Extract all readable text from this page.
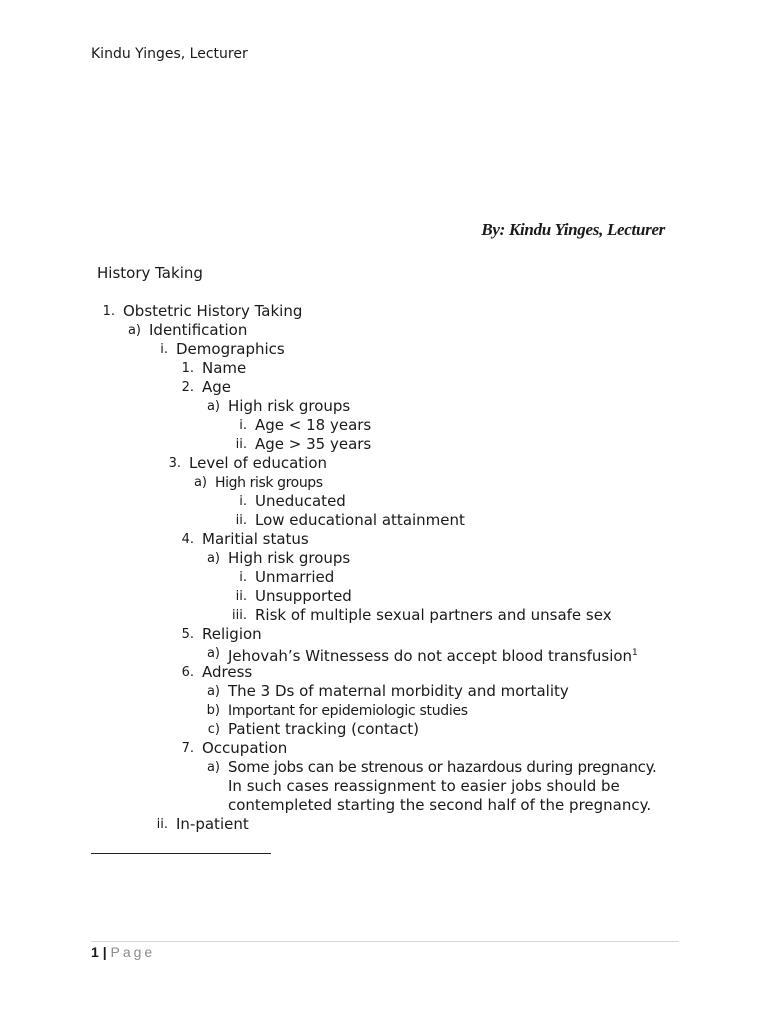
Kindu Yinges, Lecturer
By: Kindu Yinges, Lecturer
History Taking
1. Obstetric History Taking
a) Identification
i. Demographics
1. Name
2. Age
a) High risk groups
i. Age < 18 years
ii. Age > 35 years
3. Level of education
a) High risk groups
i. Uneducated
ii. Low educational attainment
4. Maritial status
a) High risk groups
i. Unmarried
ii. Unsupported
iii. Risk of multiple sexual partners and unsafe sex
5. Religion
a) Jehovah’s Witnessess do not accept blood transfusion$^1$
6. Adress
a) The 3 Ds of maternal morbidity and mortality
b) Important for epidemiologic studies
c) Patient tracking (contact)
7. Occupation
a) Some jobs can be strenous or hazardous during pregnancy.
In such cases reassignment to easier jobs should be
contempleted starting the second half of the pregnancy.
ii. In-patient
1 | Page
